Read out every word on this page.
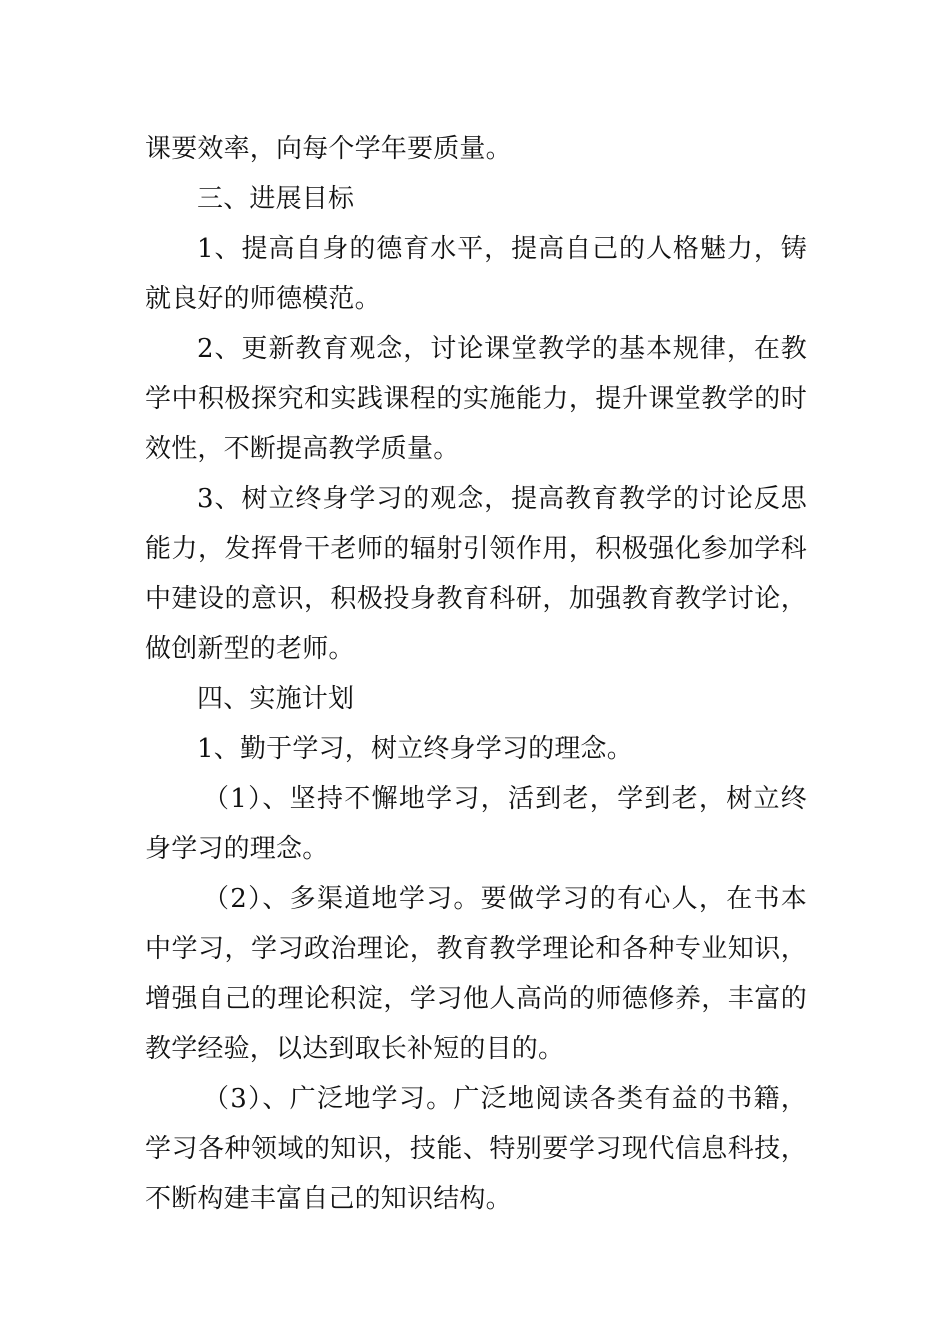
课要效率，向每个学年要质量。

三、进展目标

1、提高自身的德育水平，提高自己的人格魅力，铸就良好的师德模范。

2、更新教育观念，讨论课堂教学的基本规律，在教学中积极探究和实践课程的实施能力，提升课堂教学的时效性，不断提高教学质量。

3、树立终身学习的观念，提高教育教学的讨论反思能力，发挥骨干老师的辐射引领作用，积极强化参加学科中建设的意识，积极投身教育科研，加强教育教学讨论，做创新型的老师。

四、实施计划

1、勤于学习，树立终身学习的理念。

（1）、坚持不懈地学习，活到老，学到老，树立终身学习的理念。

（2）、多渠道地学习。要做学习的有心人，在书本中学习，学习政治理论，教育教学理论和各种专业知识，增强自己的理论积淀，学习他人高尚的师德修养，丰富的教学经验，以达到取长补短的目的。

（3）、广泛地学习。广泛地阅读各类有益的书籍，学习各种领域的知识，技能、特别要学习现代信息科技，不断构建丰富自己的知识结构。
